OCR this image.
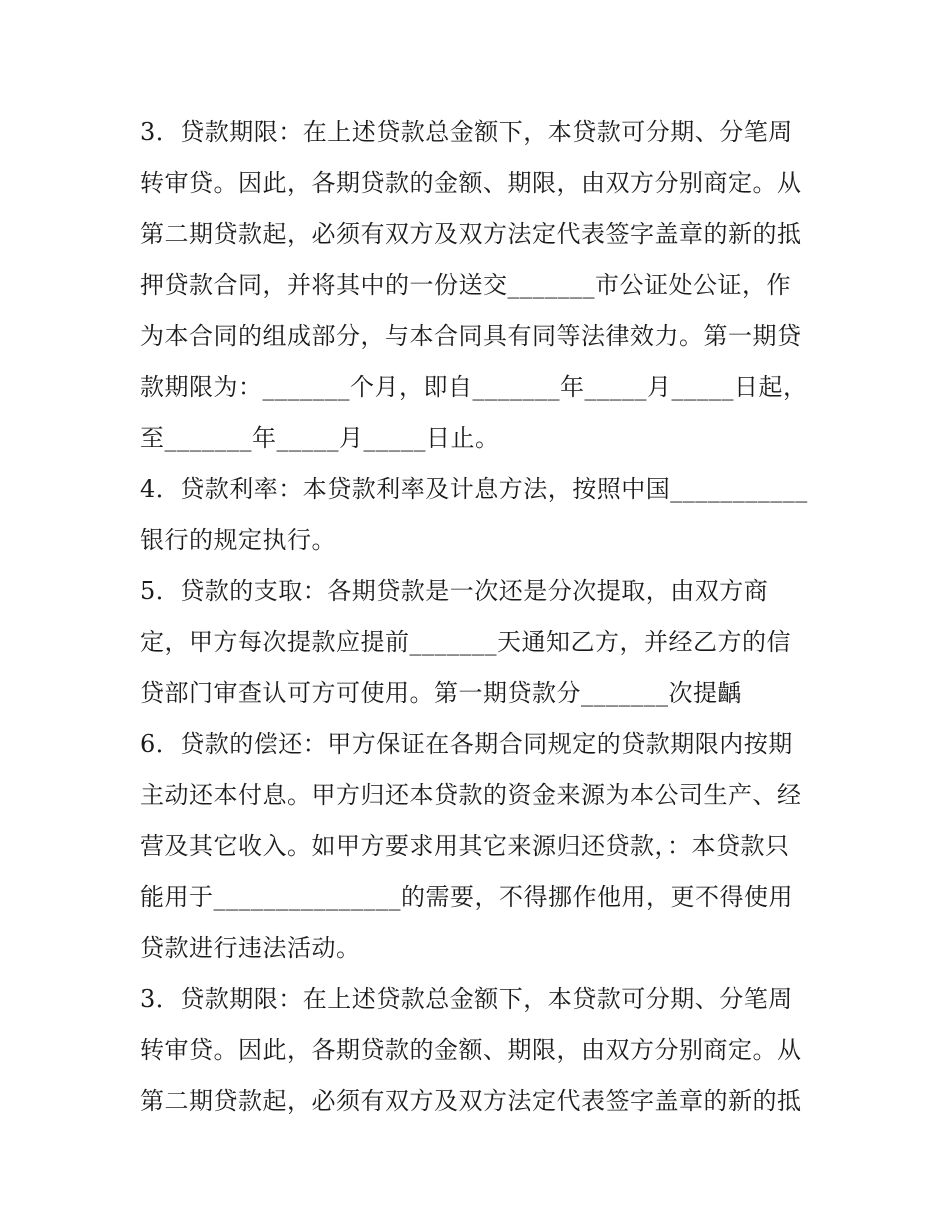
3．贷款期限：在上述贷款总金额下，本贷款可分期、分笔周
转审贷。因此，各期贷款的金额、期限，由双方分别商定。从
第二期贷款起，必须有双方及双方法定代表签字盖章的新的抵
押贷款合同，并将其中的一份送交_______市公证处公证，作
为本合同的组成部分，与本合同具有同等法律效力。第一期贷
款期限为：_______个月，即自_______年_____月_____日起，
至_______年_____月_____日止。
4．贷款利率：本贷款利率及计息方法，按照中国___________
银行的规定执行。
5．贷款的支取：各期贷款是一次还是分次提取，由双方商
定，甲方每次提款应提前_______天通知乙方，并经乙方的信
贷部门审查认可方可使用。第一期贷款分_______次提齲
6．贷款的偿还：甲方保证在各期合同规定的贷款期限内按期
主动还本付息。甲方归还本贷款的资金来源为本公司生产、经
营及其它收入。如甲方要求用其它来源归还贷款，：本贷款只
能用于_______________的需要，不得挪作他用，更不得使用
贷款进行违法活动。
3．贷款期限：在上述贷款总金额下，本贷款可分期、分笔周
转审贷。因此，各期贷款的金额、期限，由双方分别商定。从
第二期贷款起，必须有双方及双方法定代表签字盖章的新的抵
